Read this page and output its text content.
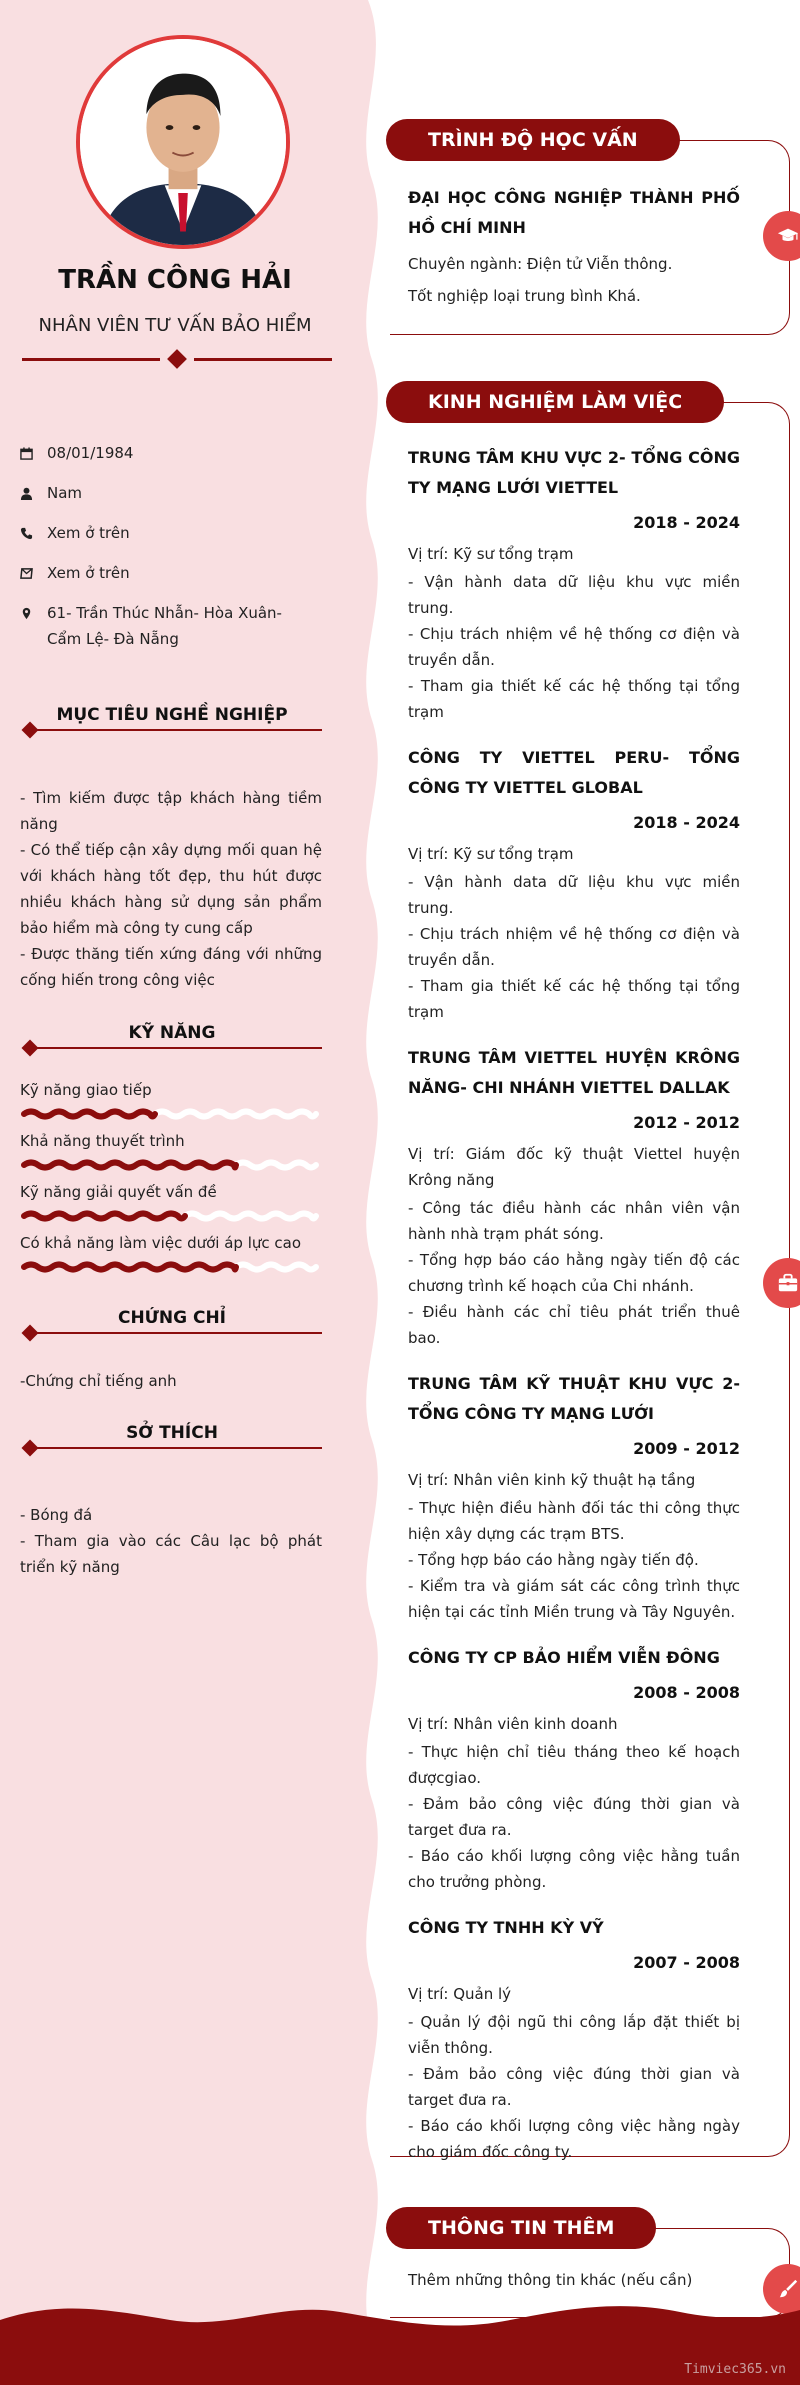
TRẦN CÔNG HẢI
NHÂN VIÊN TƯ VẤN BẢO HIỂM
08/01/1984
Nam
Xem ở trên
Xem ở trên
61- Trần Thúc Nhẫn- Hòa Xuân- Cẩm Lệ- Đà Nẵng
MỤC TIÊU NGHỀ NGHIỆP
- Tìm kiếm được tập khách hàng tiềm năng
- Có thể tiếp cận xây dựng mối quan hệ với khách hàng tốt đẹp, thu hút được nhiều khách hàng sử dụng sản phẩm bảo hiểm mà công ty cung cấp
- Được thăng tiến xứng đáng với những cống hiến trong công việc
KỸ NĂNG
Kỹ năng giao tiếp
Khả năng thuyết trình
Kỹ năng giải quyết vấn đề
Có khả năng làm việc dưới áp lực cao
CHỨNG CHỈ
-Chứng chỉ tiếng anh
SỞ THÍCH
- Bóng đá
- Tham gia vào các Câu lạc bộ phát triển kỹ năng
TRÌNH ĐỘ HỌC VẤN
ĐẠI HỌC CÔNG NGHIỆP THÀNH PHỐ HỒ CHÍ MINH
Chuyên ngành: Điện tử Viễn thông.
Tốt nghiệp loại trung bình Khá.
KINH NGHIỆM LÀM VIỆC
TRUNG TÂM KHU VỰC 2- TỔNG CÔNG TY MẠNG LƯỚI VIETTEL
2018 - 2024
Vị trí: Kỹ sư tổng trạm
- Vận hành data dữ liệu khu vực miền trung.
- Chịu trách nhiệm về hệ thống cơ điện và truyền dẫn.
- Tham gia thiết kế các hệ thống tại tổng trạm
CÔNG TY VIETTEL PERU- TỔNG CÔNG TY VIETTEL GLOBAL
2018 - 2024
Vị trí: Kỹ sư tổng trạm
- Vận hành data dữ liệu khu vực miền trung.
- Chịu trách nhiệm về hệ thống cơ điện và truyền dẫn.
- Tham gia thiết kế các hệ thống tại tổng trạm
TRUNG TÂM VIETTEL HUYỆN KRÔNG NĂNG- CHI NHÁNH VIETTEL DALLAK
2012 - 2012
Vị trí: Giám đốc kỹ thuật Viettel huyện Krông năng
- Công tác điều hành các nhân viên vận hành nhà trạm phát sóng.
- Tổng hợp báo cáo hằng ngày tiến độ các chương trình kế hoạch của Chi nhánh.
- Điều hành các chỉ tiêu phát triển thuê bao.
TRUNG TÂM KỸ THUẬT KHU VỰC 2- TỔNG CÔNG TY MẠNG LƯỚI
2009 - 2012
Vị trí: Nhân viên kinh kỹ thuật hạ tầng
- Thực hiện điều hành đối tác thi công thực hiện xây dựng các trạm BTS.
- Tổng hợp báo cáo hằng ngày tiến độ.
- Kiểm tra và giám sát các công trình thực hiện tại các tỉnh Miền trung và Tây Nguyên.
CÔNG TY CP BẢO HIỂM VIỄN ĐÔNG
2008 - 2008
Vị trí: Nhân viên kinh doanh
- Thực hiện chỉ tiêu tháng theo kế hoạch đượcgiao.
- Đảm bảo công việc đúng thời gian và target đưa ra.
- Báo cáo khối lượng công việc hằng tuần cho trưởng phòng.
CÔNG TY TNHH KỲ VỸ
2007 - 2008
Vị trí: Quản lý
- Quản lý đội ngũ thi công lắp đặt thiết bị viễn thông.
- Đảm bảo công việc đúng thời gian và target đưa ra.
- Báo cáo khối lượng công việc hằng ngày cho giám đốc công ty.
THÔNG TIN THÊM
Thêm những thông tin khác (nếu cần)
Timviec365.vn
